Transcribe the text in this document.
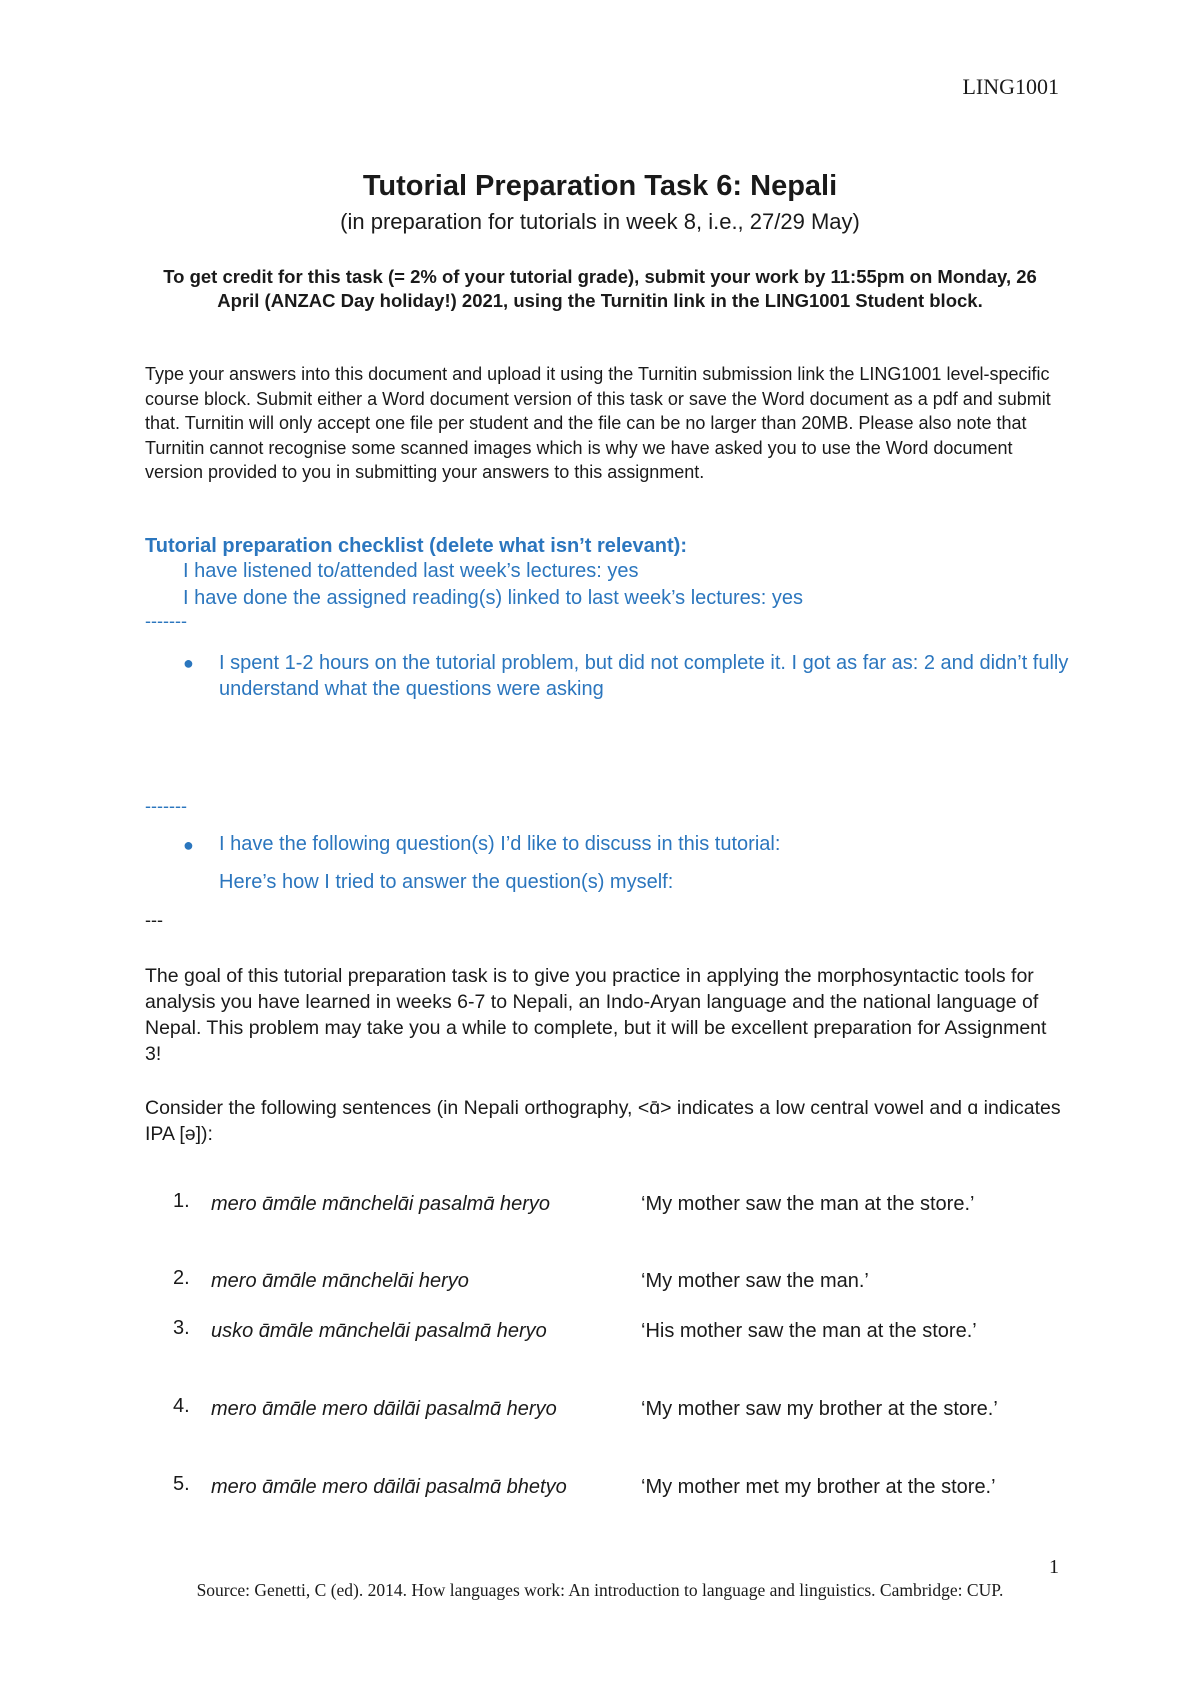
LING1001
Tutorial Preparation Task 6: Nepali
(in preparation for tutorials in week 8, i.e., 27/29 May)
To get credit for this task (= 2% of your tutorial grade), submit your work by 11:55pm on Monday, 26 April (ANZAC Day holiday!) 2021, using the Turnitin link in the LING1001 Student block.
Type your answers into this document and upload it using the Turnitin submission link the LING1001 level-specific course block. Submit either a Word document version of this task or save the Word document as a pdf and submit that. Turnitin will only accept one file per student and the file can be no larger than 20MB. Please also note that Turnitin cannot recognise some scanned images which is why we have asked you to use the Word document version provided to you in submitting your answers to this assignment.
Tutorial preparation checklist (delete what isn’t relevant):
I have listened to/attended last week’s lectures: yes
I have done the assigned reading(s) linked to last week’s lectures: yes
-------
● I spent 1-2 hours on the tutorial problem, but did not complete it. I got as far as: 2 and didn’t fully understand what the questions were asking
-------
● I have the following question(s) I’d like to discuss in this tutorial:
Here’s how I tried to answer the question(s) myself:
---
The goal of this tutorial preparation task is to give you practice in applying the morphosyntactic tools for analysis you have learned in weeks 6-7 to Nepali, an Indo-Aryan language and the national language of Nepal. This problem may take you a while to complete, but it will be excellent preparation for Assignment 3!
Consider the following sentences (in Nepali orthography, <ɑ̄> indicates a low central vowel and ɑ indicates IPA [ə]):
1. mero ɑ̄mɑ̄le mɑ̄nchelɑ̄i pasalmɑ̄ heryo	‘My mother saw the man at the store.’
2. mero ɑ̄mɑ̄le mɑ̄nchelɑ̄i heryo	‘My mother saw the man.’
3. usko ɑ̄mɑ̄le mɑ̄nchelɑ̄i pasalmɑ̄ heryo	‘His mother saw the man at the store.’
4. mero ɑ̄mɑ̄le mero dɑ̄ilɑ̄i pasalmɑ̄ heryo	‘My mother saw my brother at the store.’
5. mero ɑ̄mɑ̄le mero dɑ̄ilɑ̄i pasalmɑ̄ bhetyo	‘My mother met my brother at the store.’
1
Source: Genetti, C (ed). 2014. How languages work: An introduction to language and linguistics. Cambridge: CUP.
